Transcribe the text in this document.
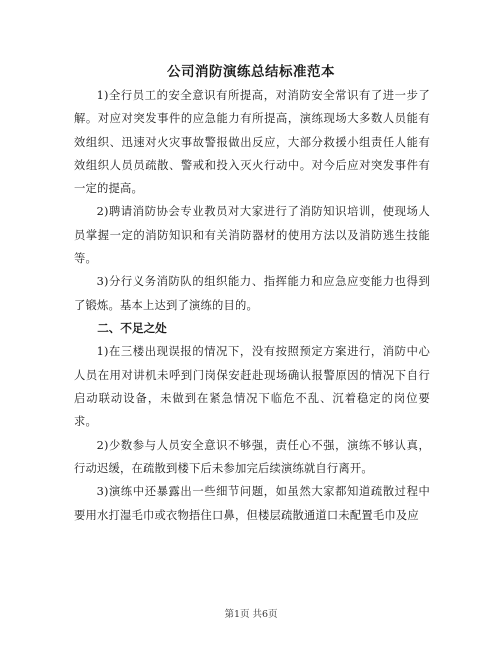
公司消防演练总结标准范本

1)全行员工的安全意识有所提高，对消防安全常识有了进一步了解。对应对突发事件的应急能力有所提高，演练现场大多数人员能有效组织、迅速对火灾事故警报做出反应，大部分救援小组责任人能有效组织人员员疏散、警戒和投入灭火行动中。对今后应对突发事件有一定的提高。

2)聘请消防协会专业教员对大家进行了消防知识培训，使现场人员掌握一定的消防知识和有关消防器材的使用方法以及消防逃生技能等。

3)分行义务消防队的组织能力、指挥能力和应急应变能力也得到了锻炼。基本上达到了演练的目的。

二、不足之处

1)在三楼出现误报的情况下，没有按照预定方案进行，消防中心人员在用对讲机未呼到门岗保安赶赴现场确认报警原因的情况下自行启动联动设备，未做到在紧急情况下临危不乱、沉着稳定的岗位要求。

2)少数参与人员安全意识不够强，责任心不强，演练不够认真，行动迟缓，在疏散到楼下后未参加完后续演练就自行离开。

3)演练中还暴露出一些细节问题，如虽然大家都知道疏散过程中要用水打湿毛巾或衣物捂住口鼻，但楼层疏散通道口未配置毛巾及应

第1页 共6页
